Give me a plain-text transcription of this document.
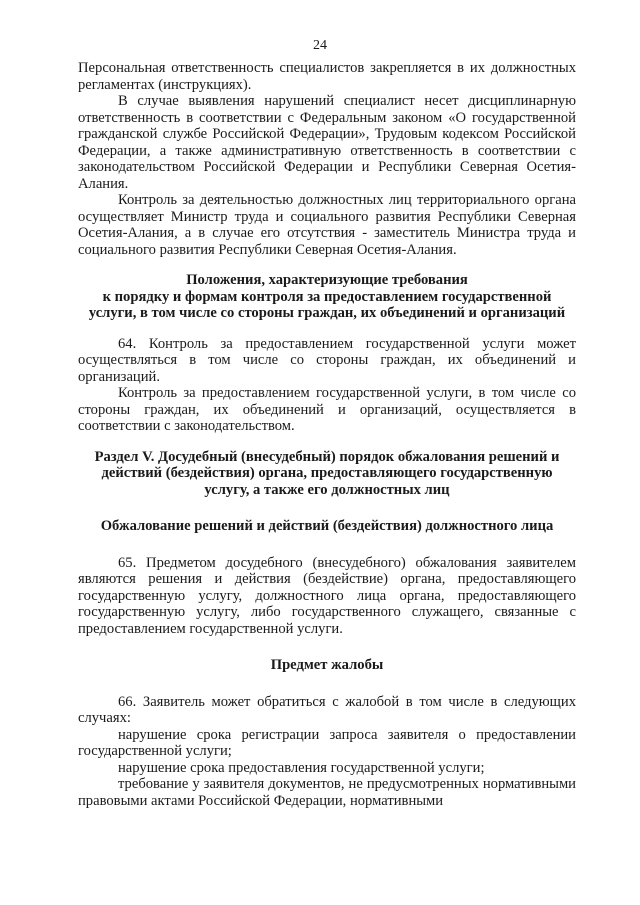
24

Персональная ответственность специалистов закрепляется в их должностных регламентах (инструкциях).

В случае выявления нарушений специалист несет дисциплинарную ответственность в соответствии с Федеральным законом «О государственной гражданской службе Российской Федерации», Трудовым кодексом Российской Федерации, а также административную ответственность в соответствии с законодательством Российской Федерации и Республики Северная Осетия-Алания.

Контроль за деятельностью должностных лиц территориального органа осуществляет Министр труда и социального развития Республики Северная Осетия-Алания, а в случае его отсутствия - заместитель Министра труда и социального развития Республики Северная Осетия-Алания.

Положения, характеризующие требования

к порядку и формам контроля за предоставлением государственной

услуги, в том числе со стороны граждан, их объединений и организаций

64. Контроль за предоставлением государственной услуги может осуществляться в том числе со стороны граждан, их объединений и организаций.

Контроль за предоставлением государственной услуги, в том числе со стороны граждан, их объединений и организаций, осуществляется в соответствии с законодательством.

Раздел V. Досудебный (внесудебный) порядок обжалования решений и

действий (бездействия) органа, предоставляющего государственную

услугу, а также его должностных лиц

Обжалование решений и действий (бездействия) должностного лица

65. Предметом досудебного (внесудебного) обжалования заявителем являются решения и действия (бездействие) органа, предоставляющего государственную услугу, должностного лица органа, предоставляющего государственную услугу, либо государственного служащего, связанные с предоставлением государственной услуги.

Предмет жалобы

66. Заявитель может обратиться с жалобой в том числе в следующих случаях:

нарушение срока регистрации запроса заявителя о предоставлении государственной услуги;

нарушение срока предоставления государственной услуги;

требование у заявителя документов, не предусмотренных нормативными правовыми актами Российской Федерации, нормативными
